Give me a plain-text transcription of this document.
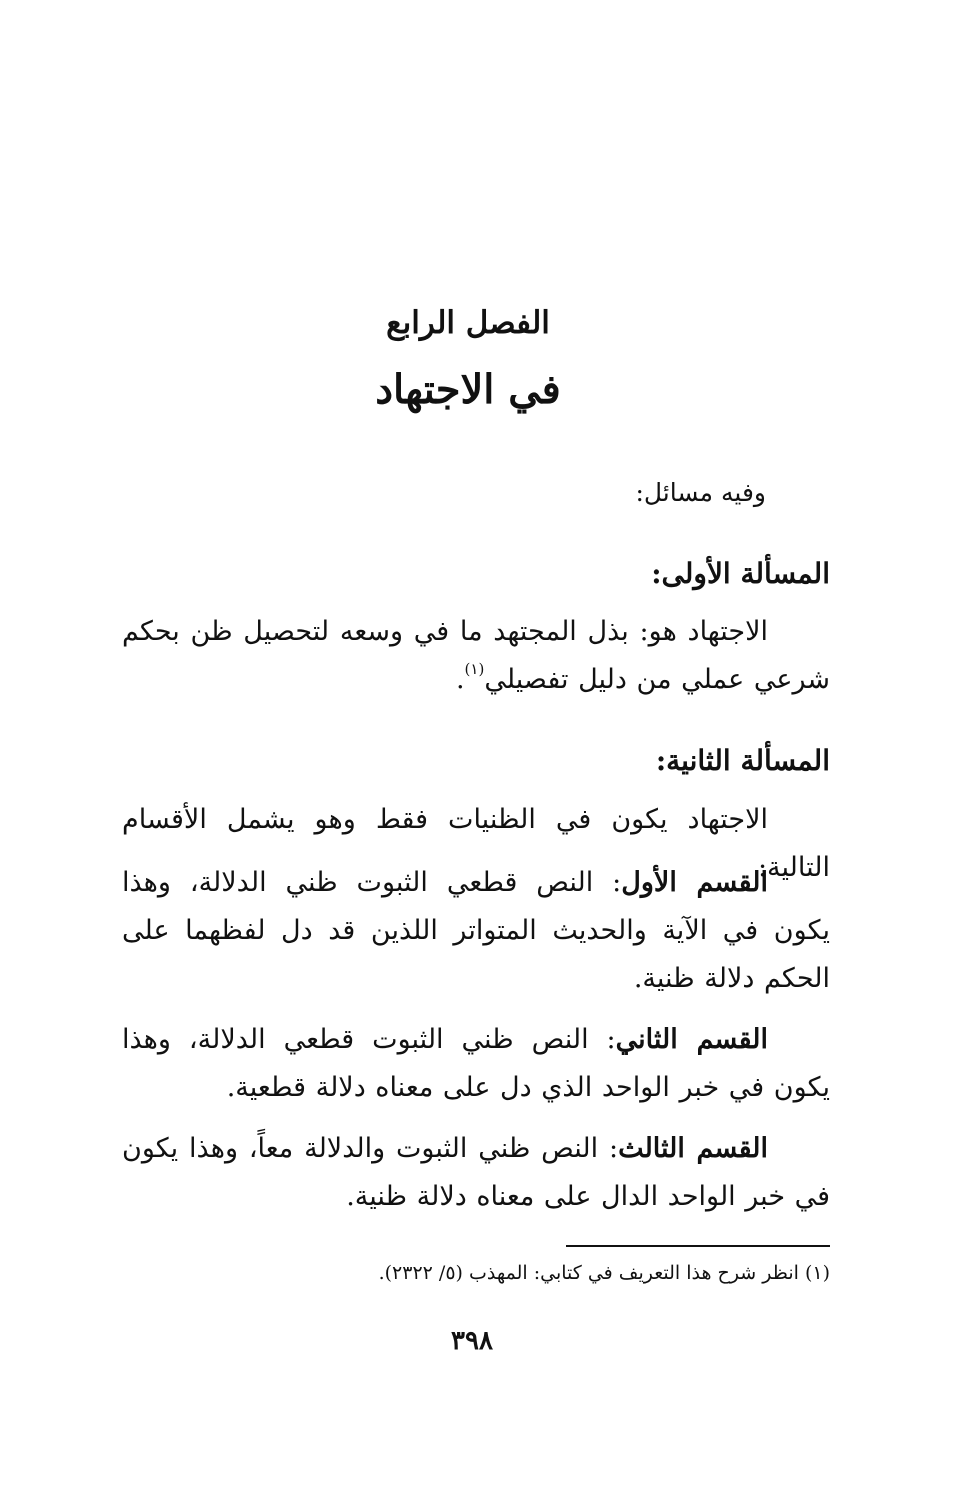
الفصل الرابع
في الاجتهاد
وفيه مسائل:
المسألة الأولى:

الاجتهاد هو: بذل المجتهد ما في وسعه لتحصيل ظن بحكم شرعي عملي من دليل تفصيلي$^{(١)}$.

المسألة الثانية:

الاجتهاد يكون في الظنيات فقط وهو يشمل الأقسام التالية:

القسم الأول: النص قطعي الثبوت ظني الدلالة، وهذا يكون في الآية والحديث المتواتر اللذين قد دل لفظهما على الحكم دلالة ظنية.

القسم الثاني: النص ظني الثبوت قطعي الدلالة، وهذا يكون في خبر الواحد الذي دل على معناه دلالة قطعية.

القسم الثالث: النص ظني الثبوت والدلالة معاً، وهذا يكون في خبر الواحد الدال على معناه دلالة ظنية.

(١) انظر شرح هذا التعريف في كتابي: المهذب (٥/ ٢٣٢٢).
٣٩٨
